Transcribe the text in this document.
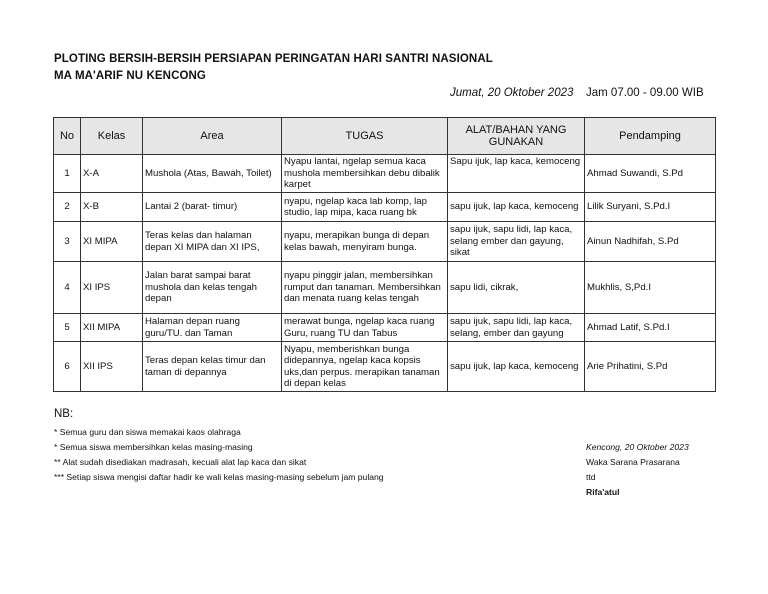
PLOTING BERSIH-BERSIH PERSIAPAN PERINGATAN HARI SANTRI NASIONAL
MA MA'ARIF NU KENCONG
Jumat, 20 Oktober 2023 Jam 07.00 - 09.00 WIB
No	Kelas	Area	TUGAS	ALAT/BAHAN YANG GUNAKAN	Pendamping
1	X-A	Mushola (Atas, Bawah, Toilet)	Nyapu lantai, ngelap semua kaca mushola membersihkan debu dibalik karpet	Sapu ijuk, lap kaca, kemoceng	Ahmad Suwandi, S.Pd
2	X-B	Lantai 2 (barat- timur)	nyapu, ngelap kaca lab komp, lap studio, lap mipa, kaca ruang bk	sapu ijuk, lap kaca, kemoceng	Lilik Suryani, S.Pd.I
3	XI MIPA	Teras kelas dan halaman depan XI MIPA dan XI IPS,	nyapu, merapikan bunga di depan kelas bawah, menyiram bunga.	sapu ijuk, sapu lidi, lap kaca, selang ember dan gayung, sikat	Ainun Nadhifah, S.Pd
4	XI IPS	Jalan barat sampai barat mushola dan kelas tengah depan	nyapu pinggir jalan, membersihkan rumput dan tanaman. Membersihkan dan menata ruang kelas tengah	sapu lidi, cikrak,	Mukhlis, S,Pd.I
5	XII MIPA	Halaman depan ruang guru/TU. dan Taman	merawat bunga, ngelap kaca ruang Guru, ruang TU dan Tabus	sapu ijuk, sapu lidi, lap kaca, selang, ember dan gayung	Ahmad Latif, S.Pd.I
6	XII IPS	Teras depan kelas timur dan taman di depannya	Nyapu, memberishkan bunga didepannya, ngelap kaca kopsis uks,dan perpus. merapikan tanaman di depan kelas	sapu ijuk, lap kaca, kemoceng	Arie Prihatini, S.Pd
NB:
* Semua guru dan siswa memakai kaos olahraga
* Semua siswa membersihkan kelas masing-masing
** Alat sudah disediakan madrasah, kecuali alat lap kaca dan sikat
*** Setiap siswa mengisi daftar hadir ke wali kelas masing-masing sebelum jam pulang
Kencong, 20 Oktober 2023
Waka Sarana Prasarana
ttd
Rifa'atul
